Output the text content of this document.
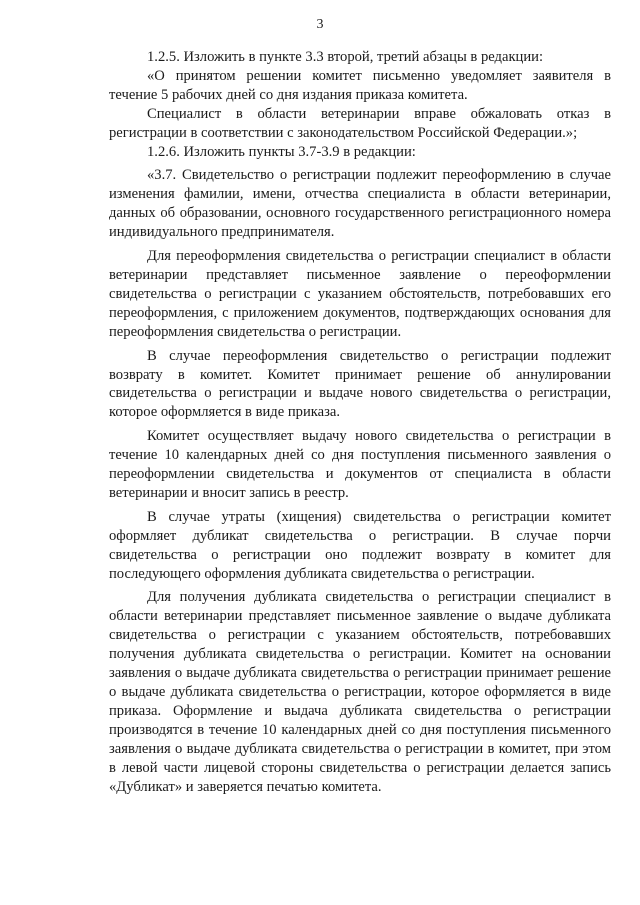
3

1.2.5. Изложить в пункте 3.3 второй, третий абзацы в редакции:

«О принятом решении комитет письменно уведомляет заявителя в течение 5 рабочих дней со дня издания приказа комитета.

Специалист в области ветеринарии вправе обжаловать отказ в регистрации в соответствии с законодательством Российской Федерации.»;

1.2.6. Изложить пункты 3.7-3.9 в редакции:

«3.7. Свидетельство о регистрации подлежит переоформлению в случае изменения фамилии, имени, отчества специалиста в области ветеринарии, данных об образовании, основного государственного регистрационного номера индивидуального предпринимателя.

Для переоформления свидетельства о регистрации специалист в области ветеринарии представляет письменное заявление о переоформлении свидетельства о регистрации с указанием обстоятельств, потребовавших его переоформления, с приложением документов, подтверждающих основания для переоформления свидетельства о регистрации.

В случае переоформления свидетельство о регистрации подлежит возврату в комитет. Комитет принимает решение об аннулировании свидетельства о регистрации и выдаче нового свидетельства о регистрации, которое оформляется в виде приказа.

Комитет осуществляет выдачу нового свидетельства о регистрации в течение 10 календарных дней со дня поступления письменного заявления о переоформлении свидетельства и документов от специалиста в области ветеринарии и вносит запись в реестр.

В случае утраты (хищения) свидетельства о регистрации комитет оформляет дубликат свидетельства о регистрации. В случае порчи свидетельства о регистрации оно подлежит возврату в комитет для последующего оформления дубликата свидетельства о регистрации.

Для получения дубликата свидетельства о регистрации специалист в области ветеринарии представляет письменное заявление о выдаче дубликата свидетельства о регистрации с указанием обстоятельств, потребовавших получения дубликата свидетельства о регистрации. Комитет на основании заявления о выдаче дубликата свидетельства о регистрации принимает решение о выдаче дубликата свидетельства о регистрации, которое оформляется в виде приказа. Оформление и выдача дубликата свидетельства о регистрации производятся в течение 10 календарных дней со дня поступления письменного заявления о выдаче дубликата свидетельства о регистрации в комитет, при этом в левой части лицевой стороны свидетельства о регистрации делается запись «Дубликат» и заверяется печатью комитета.
